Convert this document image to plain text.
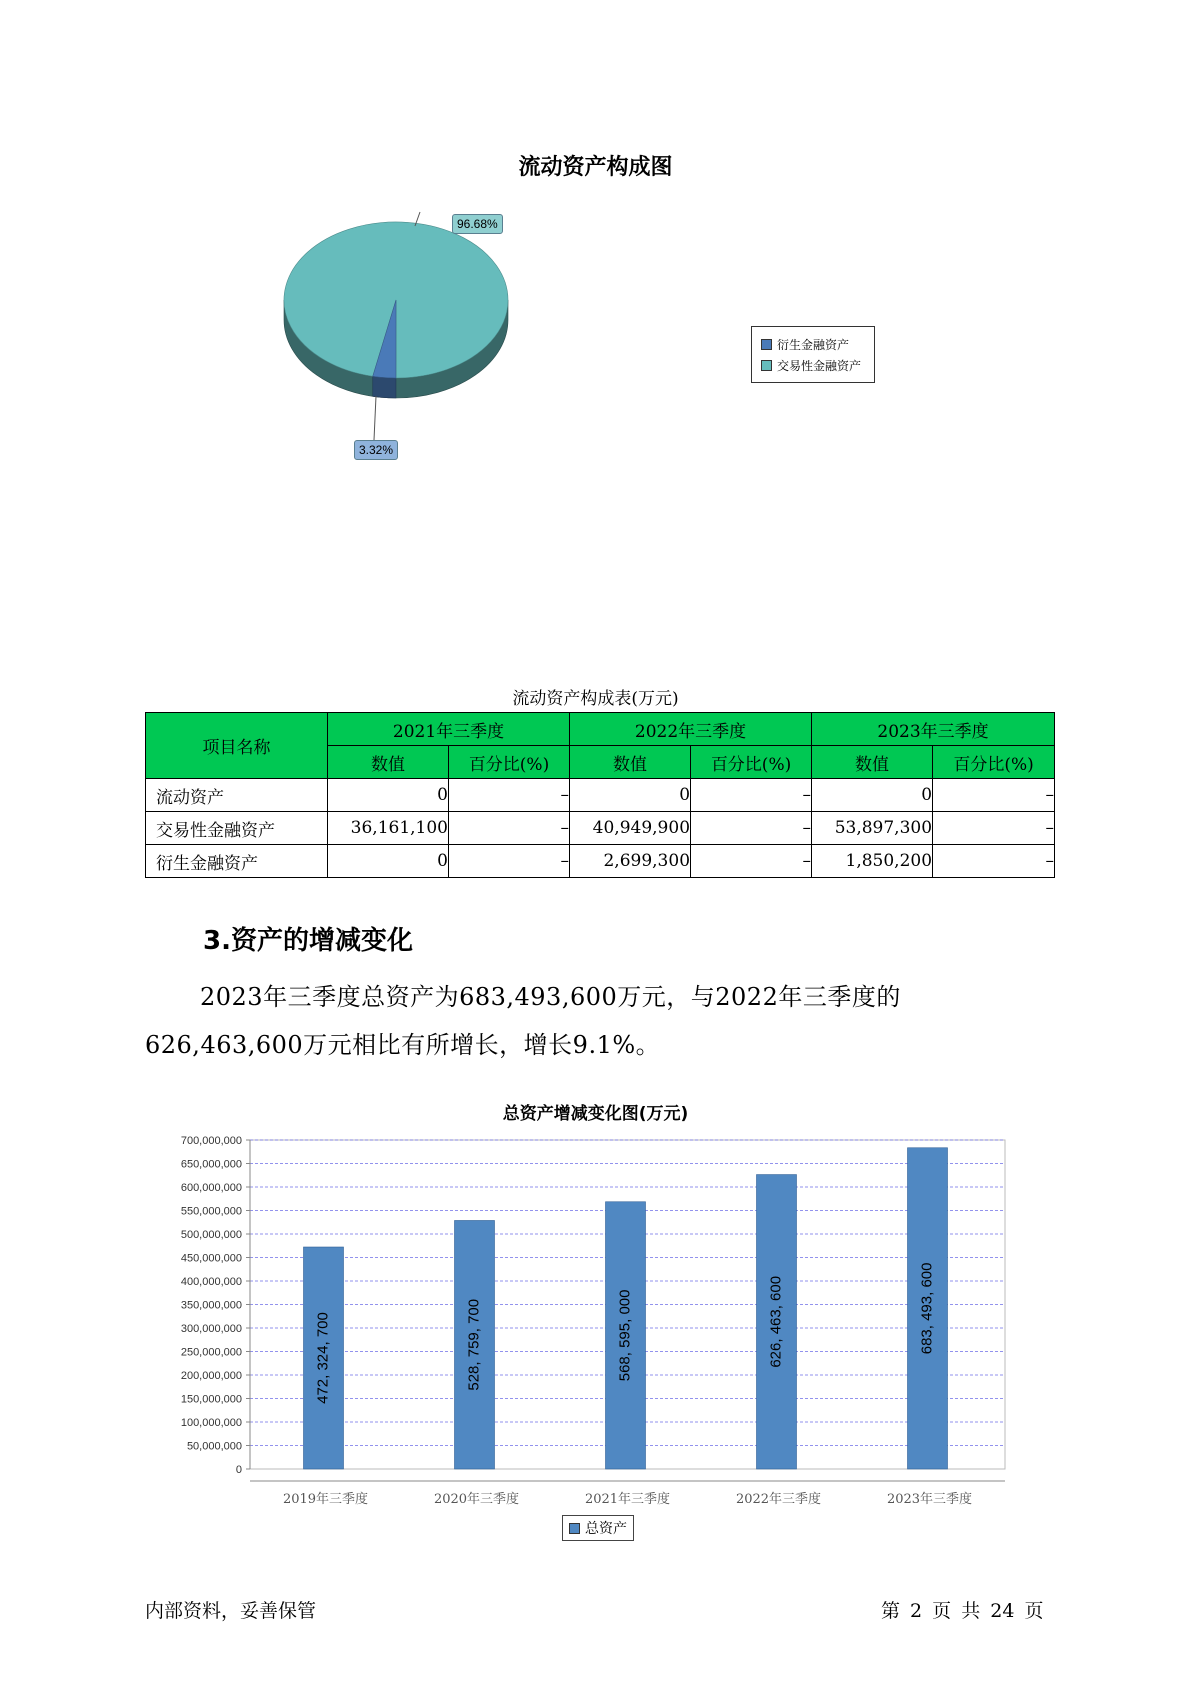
流动资产构成图
96.68%
3.32%
衍生金融资产
交易性金融资产
流动资产构成表(万元)
项目名称	2021年三季度		2022年三季度		2023年三季度	
	数值	百分比(%)	数值	百分比(%)	数值	百分比(%)
流动资产	0	–	0	–	0	–
交易性金融资产	36,161,100	–	40,949,900	–	53,897,300	–
衍生金融资产	0	–	2,699,300	–	1,850,200	–
3.资产的增减变化
2023年三季度总资产为683,493,600万元，与2022年三季度的
626,463,600万元相比有所增长，增长9.1%。
总资产增减变化图(万元)
0
50,000,000
100,000,000
150,000,000
200,000,000
250,000,000
300,000,000
350,000,000
400,000,000
450,000,000
500,000,000
550,000,000
600,000,000
650,000,000
700,000,000
472, 324, 700
2019年三季度
528, 759, 700
2020年三季度
568, 595, 000
2021年三季度
626, 463, 600
2022年三季度
683, 493, 600
2023年三季度
总资产
内部资料，妥善保管	第 2 页 共 24 页
